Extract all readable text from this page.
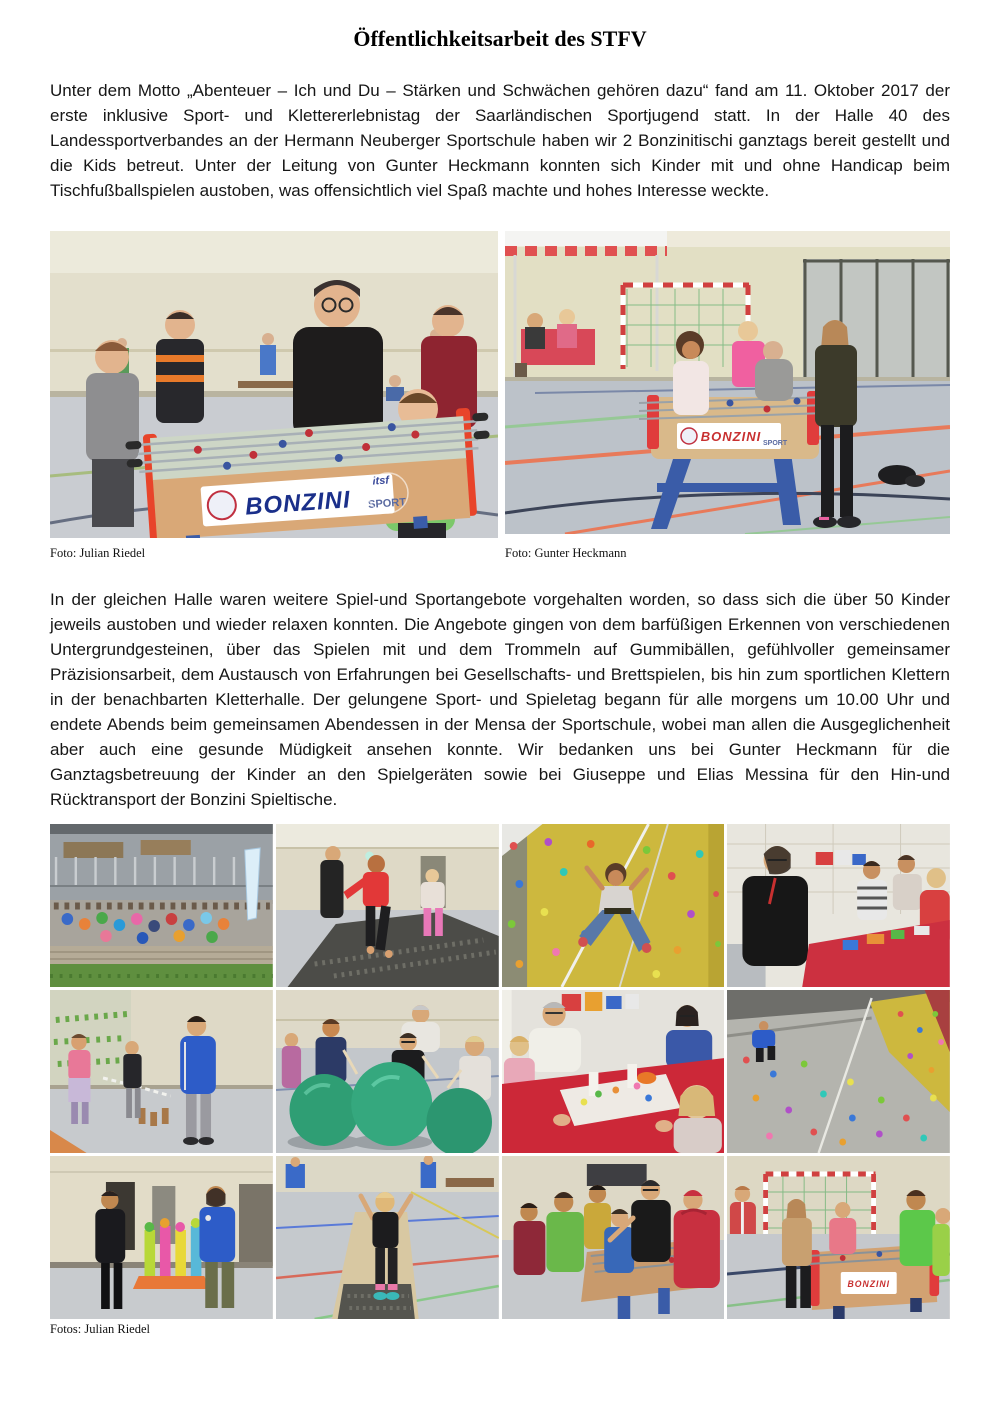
Öffentlichkeitsarbeit des STFV

Unter dem Motto „Abenteuer – Ich und Du – Stärken und Schwächen gehören dazu“ fand am 11. Oktober 2017 der erste inklusive Sport- und Klettererlebnistag der Saarländischen Sportjugend statt. In der Halle 40 des Landessportverbandes an der Hermann Neuberger Sportschule haben wir 2 Bonzinitischi ganztags bereit gestellt und die Kids betreut. Unter der Leitung von Gunter Heckmann konnten sich Kinder mit und ohne Handicap beim Tischfußballspielen austoben, was offensichtlich viel Spaß machte und hohes Interesse weckte.

BONZINI SPORT
itsf
BONZINI SPORT
Foto: Julian Riedel	Foto: Gunter Heckmann

In der gleichen Halle waren weitere Spiel-und Sportangebote vorgehalten worden, so dass sich die über 50 Kinder jeweils austoben und wieder relaxen konnten. Die Angebote gingen von dem barfüßigen Erkennen von verschiedenen Untergrundgesteinen, über das Spielen mit und dem Trommeln auf Gummibällen, gefühlvoller gemeinsamer Präzisionsarbeit, dem Austausch von Erfahrungen bei Gesellschafts- und Brettspielen, bis hin zum sportlichen Klettern in der benachbarten Kletterhalle. Der gelungene Sport- und Spieletag begann für alle morgens um 10.00 Uhr und endete Abends beim gemeinsamen Abendessen in der Mensa der Sportschule, wobei man allen die Ausgeglichenheit aber auch eine gesunde Müdigkeit ansehen konnte. Wir bedanken uns bei Gunter Heckmann für die Ganztagsbetreuung der Kinder an den Spielgeräten sowie bei Giuseppe und Elias Messina für den Hin-und Rücktransport der Bonzini Spieltische.

BONZINI
Fotos: Julian Riedel
